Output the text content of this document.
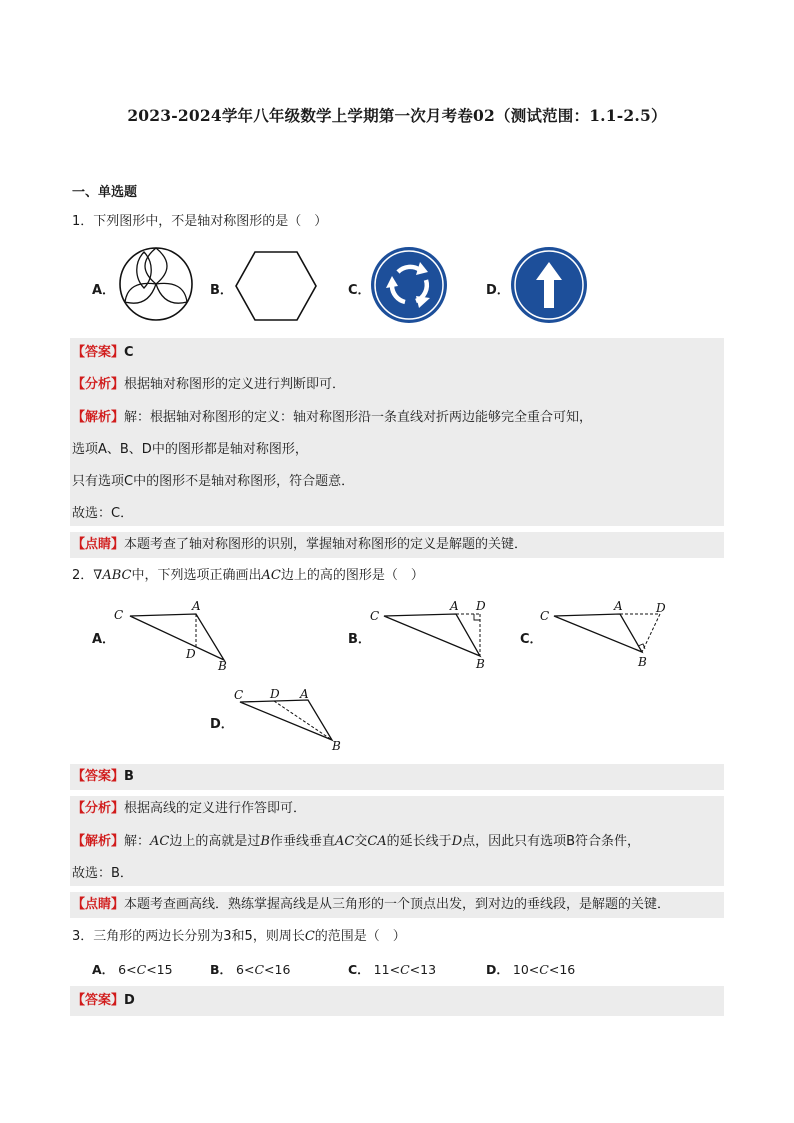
2023-2024学年八年级数学上学期第一次月考卷02（测试范围：1.1-2.5）
一、单选题
1．下列图形中，不是轴对称图形的是（　）
A．	B．	C．	D．
【答案】C
【分析】根据轴对称图形的定义进行判断即可．
【解析】解：根据轴对称图形的定义：轴对称图形沿一条直线对折两边能够完全重合可知，
选项A、B、D中的图形都是轴对称图形，
只有选项C中的图形不是轴对称图形，符合题意．
故选：C．
【点睛】本题考查了轴对称图形的识别，掌握轴对称图形的定义是解题的关键．
2．∇ABC中，下列选项正确画出AC边上的高的图形是（　）
A．
C
A
D
B
B．
C
A D
B
C．
C
A	D
B
D．
C D A
B
【答案】B
【分析】根据高线的定义进行作答即可．
【解析】解：AC边上的高就是过B作垂线垂直AC交CA的延长线于D点，因此只有选项B符合条件，
故选：B．
【点睛】本题考查画高线．熟练掌握高线是从三角形的一个顶点出发，到对边的垂线段，是解题的关键．
3．三角形的两边长分别为3和5，则周长C的范围是（　）
A． 6<C<15	B． 6<C<16	C． 11<C<13	D． 10<C<16
【答案】D
